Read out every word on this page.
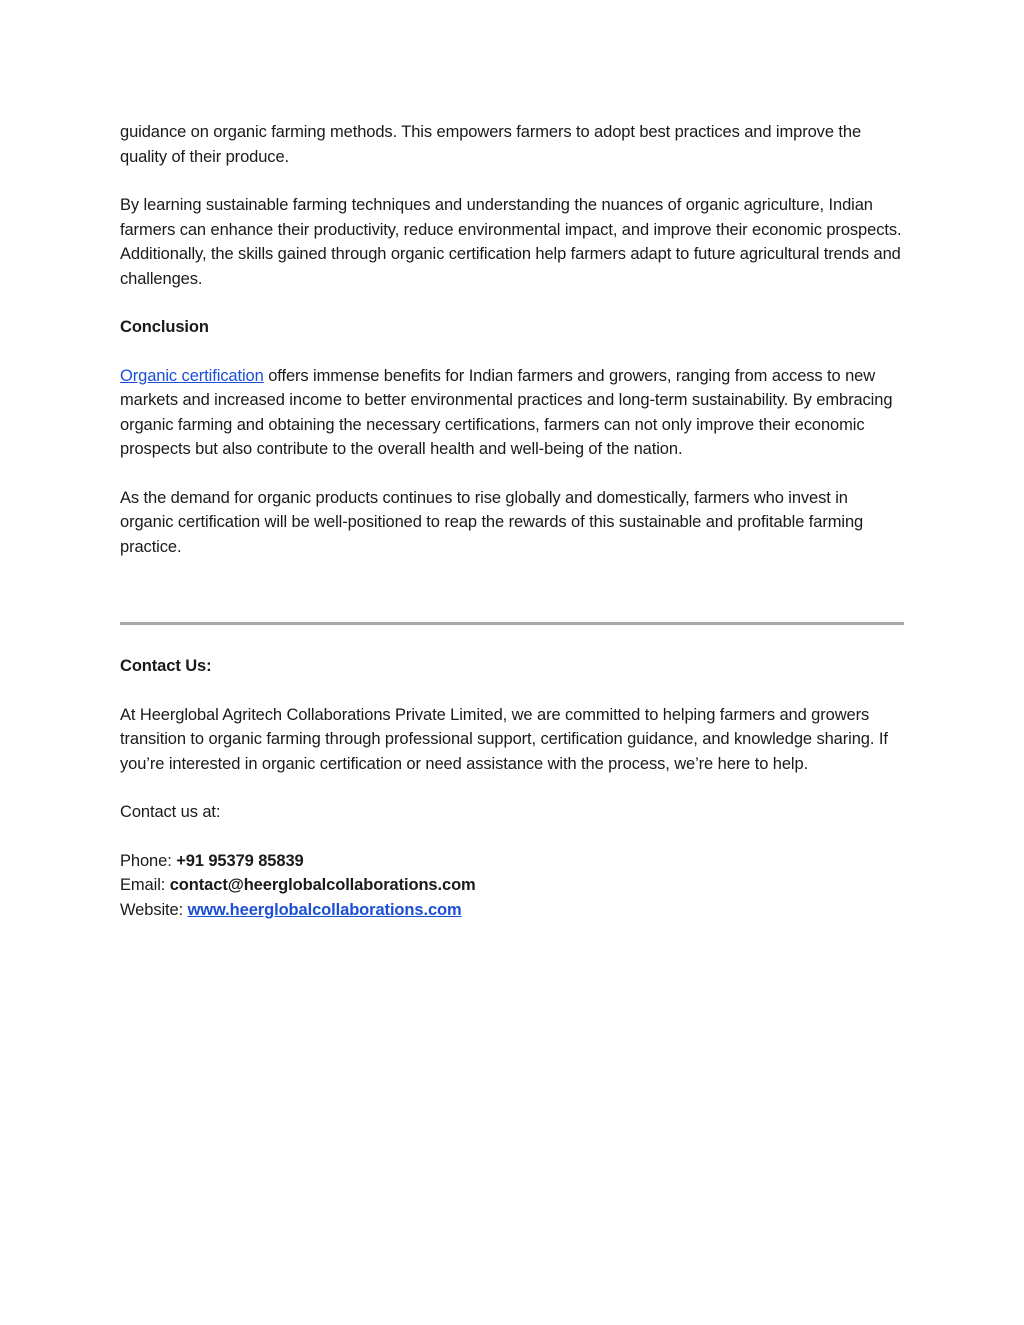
guidance on organic farming methods. This empowers farmers to adopt best practices and improve the quality of their produce.

By learning sustainable farming techniques and understanding the nuances of organic agriculture, Indian farmers can enhance their productivity, reduce environmental impact, and improve their economic prospects. Additionally, the skills gained through organic certification help farmers adapt to future agricultural trends and challenges.

Conclusion

Organic certification offers immense benefits for Indian farmers and growers, ranging from access to new markets and increased income to better environmental practices and long-term sustainability. By embracing organic farming and obtaining the necessary certifications, farmers can not only improve their economic prospects but also contribute to the overall health and well-being of the nation.

As the demand for organic products continues to rise globally and domestically, farmers who invest in organic certification will be well-positioned to reap the rewards of this sustainable and profitable farming practice.

Contact Us:

At Heerglobal Agritech Collaborations Private Limited, we are committed to helping farmers and growers transition to organic farming through professional support, certification guidance, and knowledge sharing. If you’re interested in organic certification or need assistance with the process, we’re here to help.

Contact us at:

Phone: +91 95379 85839

Email: contact@heerglobalcollaborations.com

Website: www.heerglobalcollaborations.com
